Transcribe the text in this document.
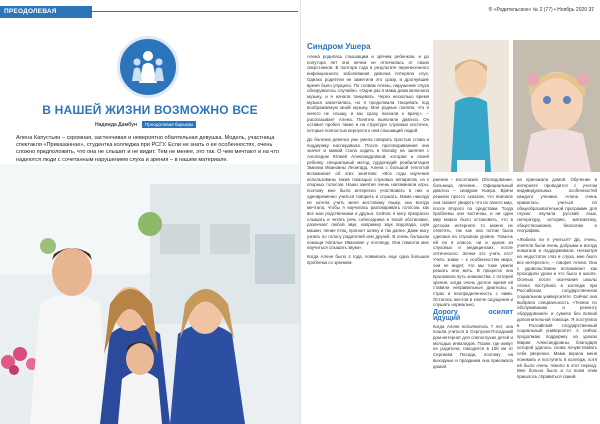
ПРЕОДОЛЕВАЯ БАРЬЕРЫ
В НАШЕЙ ЖИЗНИ ВОЗМОЖНО ВСЕ
Надежда Дамбун Преодолевая барьеры
Алена Капустьян – скромная, застенчивая и невероятно обаятельная девушка. Модель, участница спектакля «Приказаннае», студентка колледжа при РСГУ. Если не знать о ее особенностях, очень сложно предположить, что она не слышит и не видит. Тем не менее, это так. О чем мечтают и на что надеются люди с сочетанным нарушением слуха и зрения – в нашем материале.
® «Родительское» № 2 (77) • Ноябрь 2020 37
Синдром Ушера

Алена родилась слышащим и зрячим ребенком, и до полутора лет она ничем не отличалась от своих сверстников. В полтора года в результате перенесенного инфекционного заболевания девочка потеряла слух. Однако родители не заметили это сразу, и дрогнувшие время было упущено. По словам Алены, нарушение слуха обнаружилось случайно. «Одни раз я мама дома включила музыку, и я начала танцевать. Через несколько время музыка закончилась, но я продолжала танцевать под воображаемую мной музыку. Моя родные поняли, что я ничего не слышу, и мы сразу поехали к врачу», – рассказывает Алена. Понятно выяснили диагноз. Он оставил пробел также и на структуре слуховых косточек, которые полностью вернулся к нем слышащий людей.

До болезни девочка уже умела говорить простые слова и поддержку наследовала. После проговориваниия она значит и мамой стала ходить в Москву на занятия с логопедом Юлией Александровной, которая и своей ребенку специальный метод сурдопедий реабилитация Эмилии Ивановны Леонгард. Алена с большой теплотой вспоминает об этих занятиях: «Все годы изучения использованы также помощью слуховых аппаратов, из к опорных голосом. Наши занятия очень напоминали игры, поэтому мне было интересно участвовать в них и одновременно учиться говорить и слушать. Мама никогда не хотела учить меня жестовому языку, она всегда мечтала, чтобы я научилась разговаривать голосом, как все мои родственники и друзья. Сейчас я могу прекрасно слышать и читать речь собеседника в тихой обстановке, различает любой звук, например звук водопада, шум машин, пение птиц, проноет шпеку и так далее. Даже могу узнать по голосу родителей или друзей. В очень большом помощи Наталье Ивановне у логопеду. Она помогла мне научиться слышать звуки».

Когда Алене было 4 года, появились еще одна большая проблема со зрением.

ржение – косоглазие. Обследование, больница, лечение... Официальный диагноз – синдром Ушера. Врачи решили просто сказали, что вначале она сможет увидеть что из своего мир, после второго по средствам. Тогда проблемы они частичны, и ни один мир можно было остановить, что в детском интернате то можно не ответить, так как она потом была сделана на слуховом уровне. Помочь ей ли в классе, ни и одном из слуховых и медицинских, после оптического. Зачем это учить его? Учить знаки – к особенностям мира, они не видят, что мы тоже умели решать или жить. В процессе она проложила путь знакомства, с потерей зрения, когда очень долгое время ей ставили неправильные диагнозы, а страх и неопределенность с ними. Осталось жестов в ключе ощущения и слушать нормально.

Дорогу осилит идущий

Когда Алене исполнилось 7 лет, она пошла учиться в Серпухов-Посадский дом-интернат для слепоглухих детей и молодых инвалидов. Позже, где живут ее родители, находится в 100 км от Сергиева Посада, поэтому на выходные и праздники она приезжала домой.

на приезжала домой. Обучение в интернате проводится с учетом индивидуальных особенностей каждого ученика. Алена очень нравилось учиться по общеобразовательной программе для глухих: изучала русский язык, литературу, историю, математику, обществознание, биологию и географию.

«Любила ли я учиться? Да, очень, учителя были очень добрыми и всегда помогали и поддерживали. Несмотря на недостаток глаз и слуха, мне было все интересно», – говорит Алена. Она с удовольствием вспоминает как проходили уроки и что было в школе. Осенью после окончания школы Алена поступила в колледж при Российском государственном социальном университете. Сейчас она выбрала специальность «Техник по обслуживанию и ремонту оборудования» и сумела без всякой дополнительной помощи. Я поступила в Российский государственный социальный университет. А сейчас продолжаю поддержку на уроках Марии Александровны, благодаря которой удалось снова почувствовать себя уверенно. Мама верила меня понимать и поступить в колледж, хотя ей было очень тяжело в этот период. Мне больно было и со всем этим пришлось справиться самой.
